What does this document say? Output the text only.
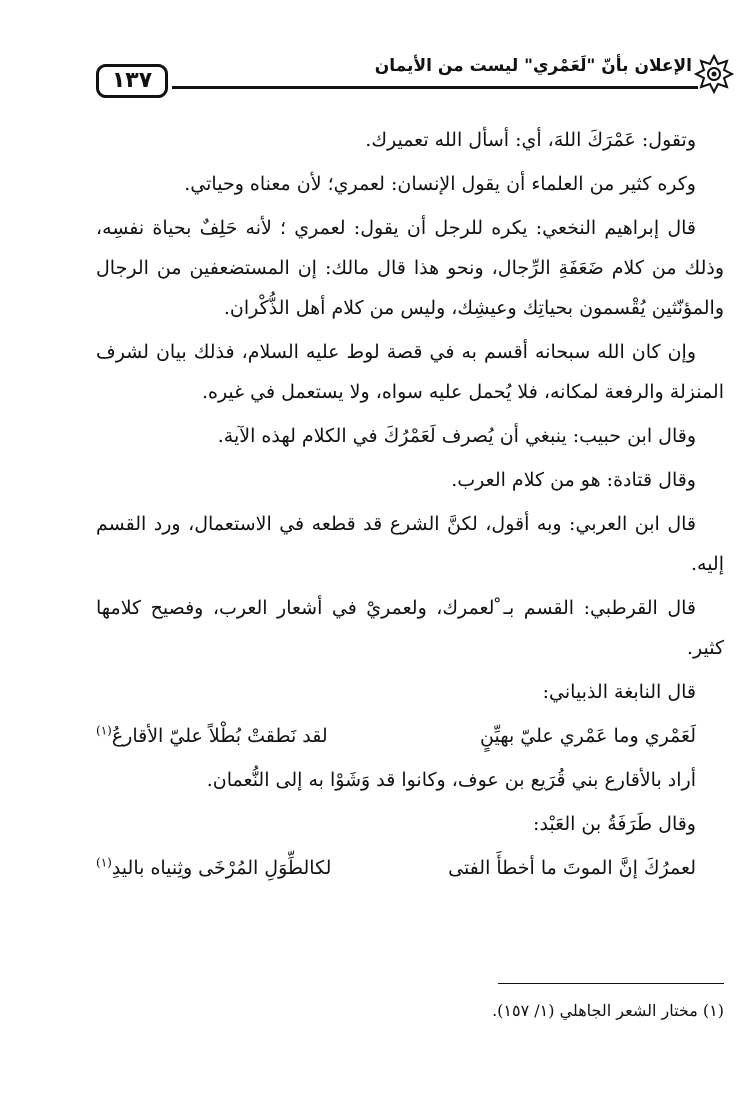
الإعلان بأنّ "لَعَمْري" ليست من الأيمان
١٣٧

وتقول: عَمْرَكَ اللهَ، أي: أسأل الله تعميرك.

وكره كثير من العلماء أن يقول الإنسان: لعمري؛ لأن معناه وحياتي.

قال إبراهيم النخعي: يكره للرجل أن يقول: لعمري ؛ لأنه حَلِفٌ بحياة نفسِه، وذلك من كلام ضَعَفَةِ الرِّجال، ونحو هذا قال مالك: إن المستضعفين من الرجال والمؤنّثين يُقْسمون بحياتِك وعيشِك، وليس من كلام أهل الذُّكْران.

وإن كان الله سبحانه أقسم به في قصة لوط عليه السلام، فذلك بيان لشرف المنزلة والرفعة لمكانه، فلا يُحمل عليه سواه، ولا يستعمل في غيره.

وقال ابن حبيب: ينبغي أن يُصرف لَعَمْرُكَ في الكلام لهذه الآية.

وقال قتادة: هو من كلام العرب.

قال ابن العربي: وبه أقول، لكنَّ الشرع قد قطعه في الاستعمال، ورد القسم إليه.

قال القرطبي: القسم بـ ْلعمرك، ولعمريْ في أشعار العرب، وفصيح كلامها كثير.

قال النابغة الذبياني:

لَعَمْري وما عَمْري عليّ بهيِّنٍ
لقد نَطقتْ بُطْلاً عليّ الأقارعُ$^{(١)}$

أراد بالأقارع بني قُرَيع بن عوف، وكانوا قد وَشَوْا به إلى النُّعمان.

وقال طَرَفَةُ بن العَبْد:

لعمرُكَ إنَّ الموتَ ما أخطأَ الفتى
لكالطِّوَلِ المُرْخَى وثِنياه باليدِ$^{(١)}$
(١) مختار الشعر الجاهلي (١/ ١٥٧).
